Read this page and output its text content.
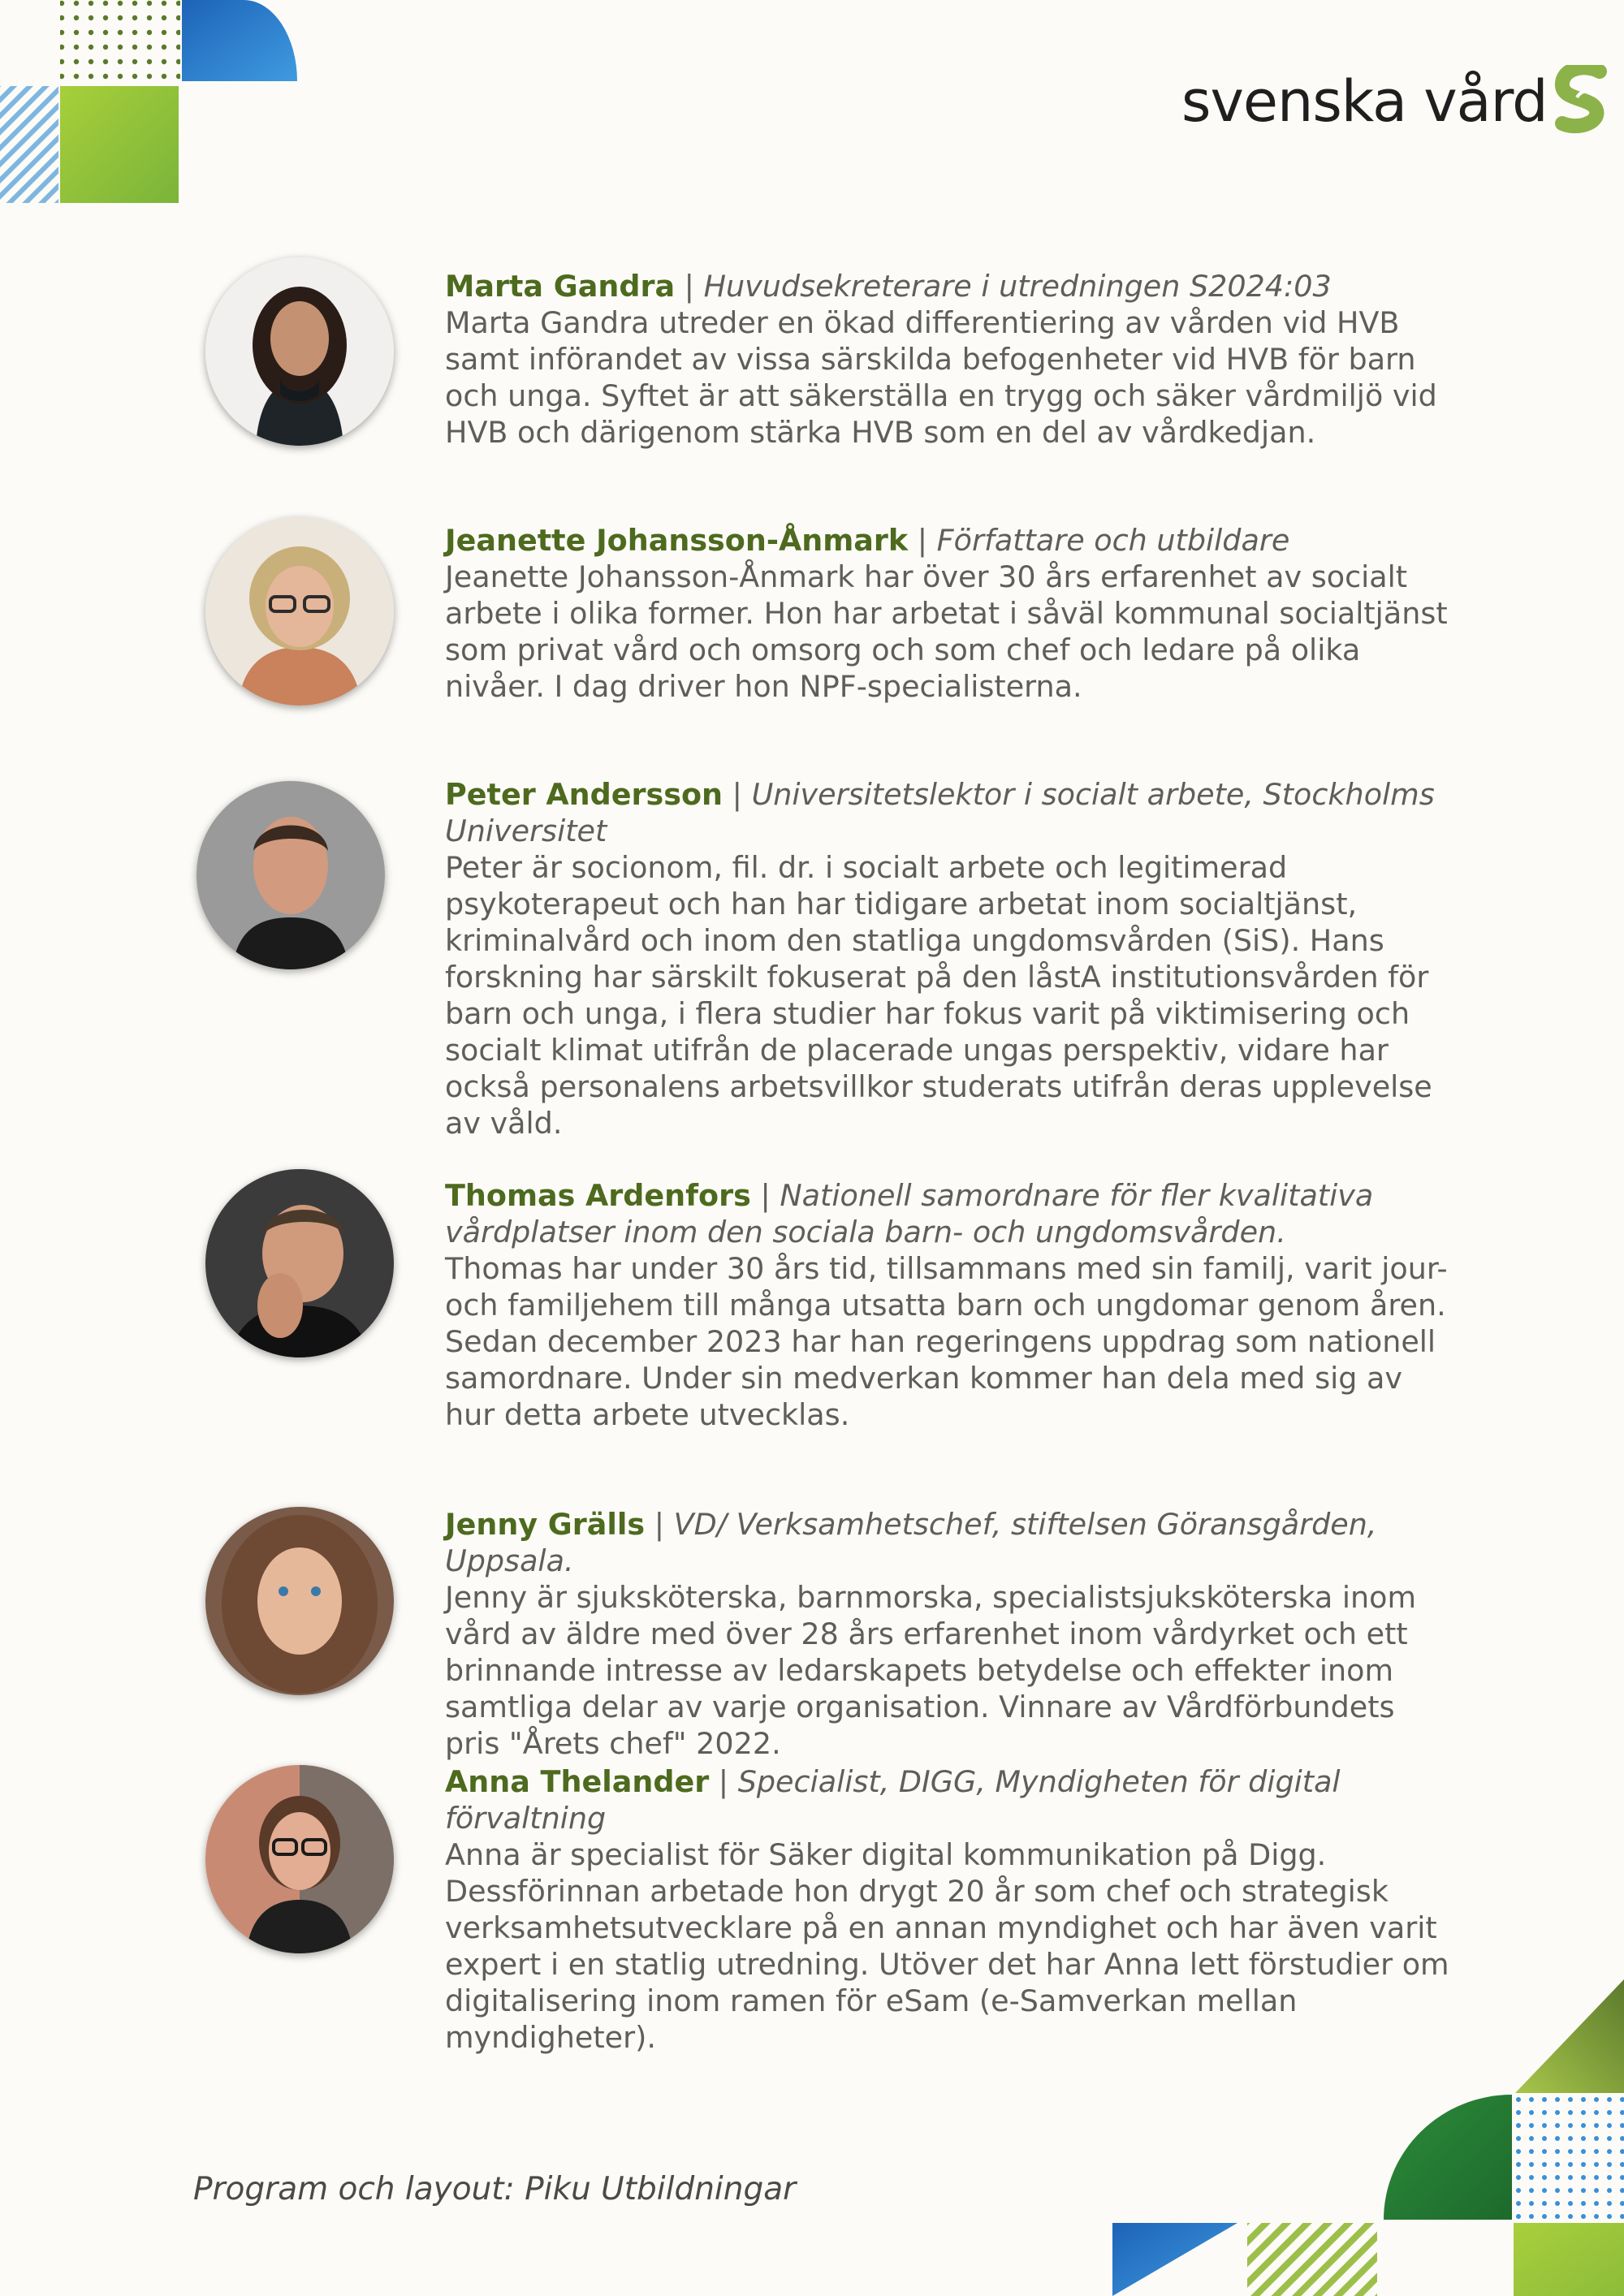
svenska vård
Marta Gandra | Huvudsekreterare i utredningen S2024:03
Marta Gandra utreder en ökad differentiering av vården vid HVB samt införandet av vissa särskilda befogenheter vid HVB för barn och unga. Syftet är att säkerställa en trygg och säker vårdmiljö vid HVB och därigenom stärka HVB som en del av vårdkedjan.
Jeanette Johansson-Ånmark | Författare och utbildare
Jeanette Johansson-Ånmark har över 30 års erfarenhet av socialt arbete i olika former. Hon har arbetat i såväl kommunal socialtjänst som privat vård och omsorg och som chef och ledare på olika nivåer. I dag driver hon NPF-specialisterna.
Peter Andersson | Universitetslektor i socialt arbete, Stockholms Universitet
Peter är socionom, fil. dr. i socialt arbete och legitimerad psykoterapeut och han har tidigare arbetat inom socialtjänst, kriminalvård och inom den statliga ungdomsvården (SiS). Hans forskning har särskilt fokuserat på den låstA institutionsvården för barn och unga, i flera studier har fokus varit på viktimisering och socialt klimat utifrån de placerade ungas perspektiv, vidare har också personalens arbetsvillkor studerats utifrån deras upplevelse av våld.
Thomas Ardenfors | Nationell samordnare för fler kvalitativa vårdplatser inom den sociala barn- och ungdomsvården.
Thomas har under 30 års tid, tillsammans med sin familj, varit jour- och familjehem till många utsatta barn och ungdomar genom åren. Sedan december 2023 har han regeringens uppdrag som nationell samordnare. Under sin medverkan kommer han dela med sig av hur detta arbete utvecklas.
Jenny Grälls | VD/ Verksamhetschef, stiftelsen Göransgården, Uppsala.
Jenny är sjuksköterska, barnmorska, specialistsjuksköterska inom vård av äldre med över 28 års erfarenhet inom vårdyrket och ett brinnande intresse av ledarskapets betydelse och effekter inom samtliga delar av varje organisation. Vinnare av Vårdförbundets pris "Årets chef" 2022.
Anna Thelander | Specialist, DIGG, Myndigheten för digital förvaltning
Anna är specialist för Säker digital kommunikation på Digg. Dessförinnan arbetade hon drygt 20 år som chef och strategisk verksamhetsutvecklare på en annan myndighet och har även varit expert i en statlig utredning. Utöver det har Anna lett förstudier om digitalisering inom ramen för eSam (e-Samverkan mellan myndigheter).
Program och layout: Piku Utbildningar
